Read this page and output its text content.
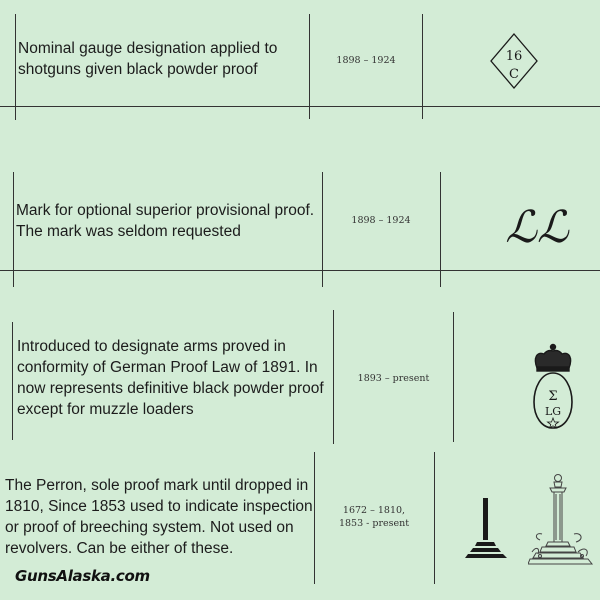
Nominal gauge designation applied to
shotguns given black powder proof
1898 – 1924	16
C
Mark for optional superior provisional proof.
The mark was seldom requested
1898 – 1924	ℒℒ
Introduced to designate arms proved in
conformity of German Proof Law of 1891. In
now represents definitive black powder proof
except for muzzle loaders
1893 – present
Σ
LG
The Perron, sole proof mark until dropped in
1810, Since 1853 used to indicate inspection
or proof of breeching system. Not used on
revolvers. Can be either of these.
1672 – 1810,
1853 - present
GunsAlaska.com
